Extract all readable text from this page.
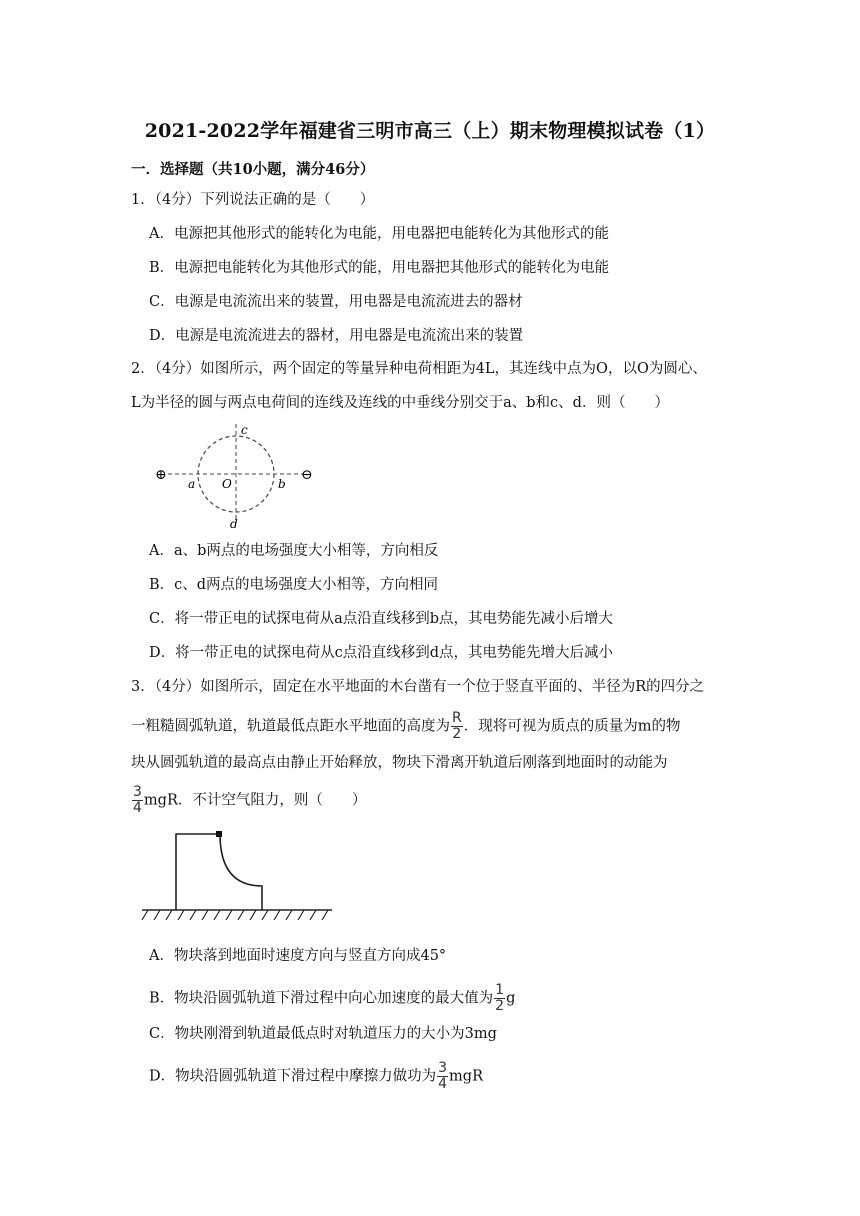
2021-2022学年福建省三明市高三（上）期末物理模拟试卷（1）
一．选择题（共10小题，满分46分）
1．（4分）下列说法正确的是（　　）
A．电源把其他形式的能转化为电能，用电器把电能转化为其他形式的能
B．电源把电能转化为其他形式的能，用电器把其他形式的能转化为电能
C．电源是电流流出来的装置，用电器是电流流进去的器材
D．电源是电流流进去的器材，用电器是电流流出来的装置
2．（4分）如图所示，两个固定的等量异种电荷相距为4L，其连线中点为O，以O为圆心、
L为半径的圆与两点电荷间的连线及连线的中垂线分别交于a、b和c、d．则（　　）
⊕	⊖
c
d
a	b
O
A．a、b两点的电场强度大小相等，方向相反
B．c、d两点的电场强度大小相等，方向相同
C．将一带正电的试探电荷从a点沿直线移到b点，其电势能先减小后增大
D．将一带正电的试探电荷从c点沿直线移到d点，其电势能先增大后减小
3．（4分）如图所示，固定在水平地面的木台凿有一个位于竖直平面的、半径为R的四分之
一粗糙圆弧轨道，轨道最低点距水平地面的高度为 $\frac{R}{2}$ ．现将可视为质点的质量为m的物
块从圆弧轨道的最高点由静止开始释放，物块下滑离开轨道后刚落到地面时的动能为
$\frac{3}{4}$ mgR．不计空气阻力，则（　　）
A．物块落到地面时速度方向与竖直方向成45°
B．物块沿圆弧轨道下滑过程中向心加速度的最大值为 $\frac{1}{2}$ g
C．物块刚滑到轨道最低点时对轨道压力的大小为3mg
D．物块沿圆弧轨道下滑过程中摩擦力做功为 $\frac{3}{4}$ mgR
